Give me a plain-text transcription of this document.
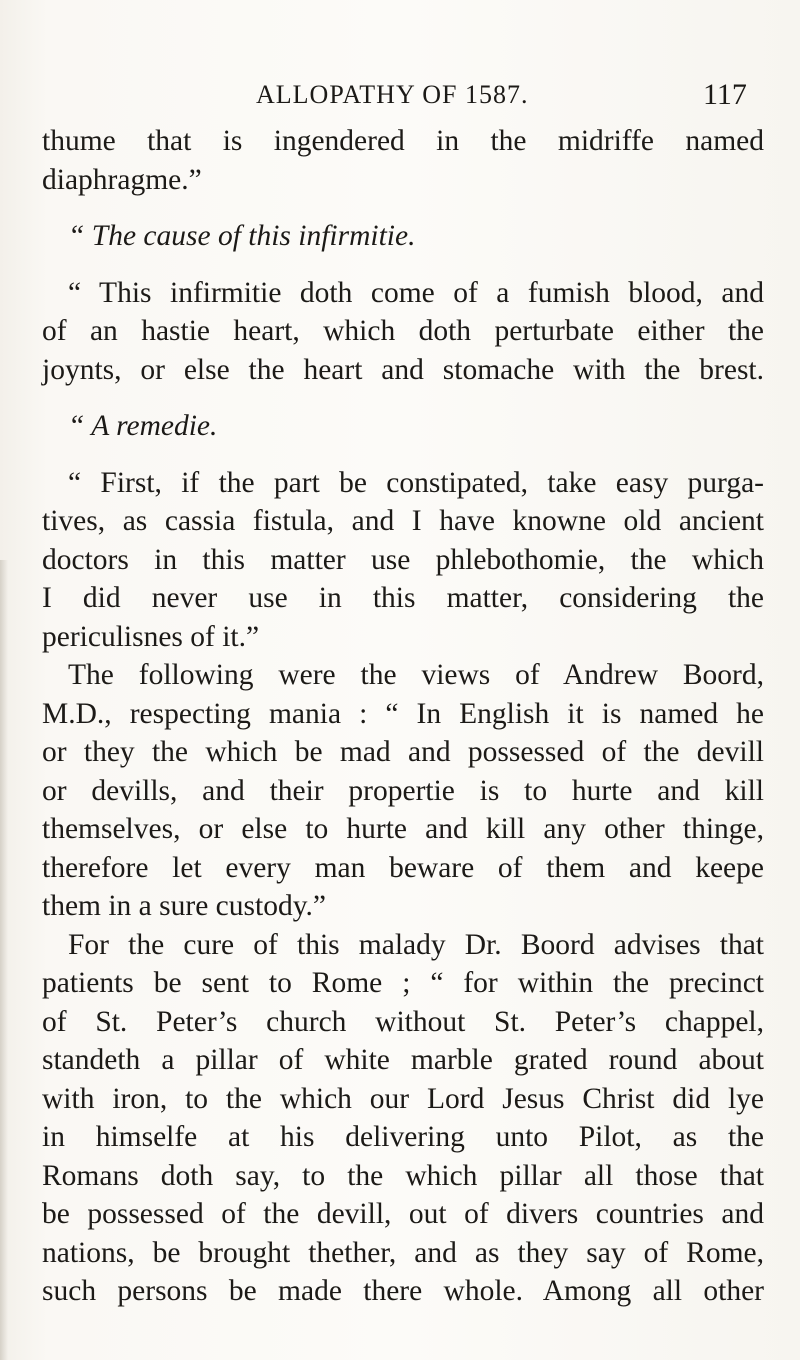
ALLOPATHY OF 1587.	117

thume that is ingendered in the midriffe named
diaphragme.”

“ The cause of this infirmitie.

“ This infirmitie doth come of a fumish blood, and
of an hastie heart, which doth perturbate either the
joynts, or else the heart and stomache with the brest.

“ A remedie.

“ First, if the part be constipated, take easy purga-
tives, as cassia fistula, and I have knowne old ancient
doctors in this matter use phlebothomie, the which
I did never use in this matter, considering the
periculisnes of it.”

The following were the views of Andrew Boord,
M.D., respecting mania : “ In English it is named he
or they the which be mad and possessed of the devill
or devills, and their propertie is to hurte and kill
themselves, or else to hurte and kill any other thinge,
therefore let every man beware of them and keepe
them in a sure custody.”

For the cure of this malady Dr. Boord advises that
patients be sent to Rome ; “ for within the precinct
of St. Peter’s church without St. Peter’s chappel,
standeth a pillar of white marble grated round about
with iron, to the which our Lord Jesus Christ did lye
in himselfe at his delivering unto Pilot, as the
Romans doth say, to the which pillar all those that
be possessed of the devill, out of divers countries and
nations, be brought thether, and as they say of Rome,
such persons be made there whole. Among all other
